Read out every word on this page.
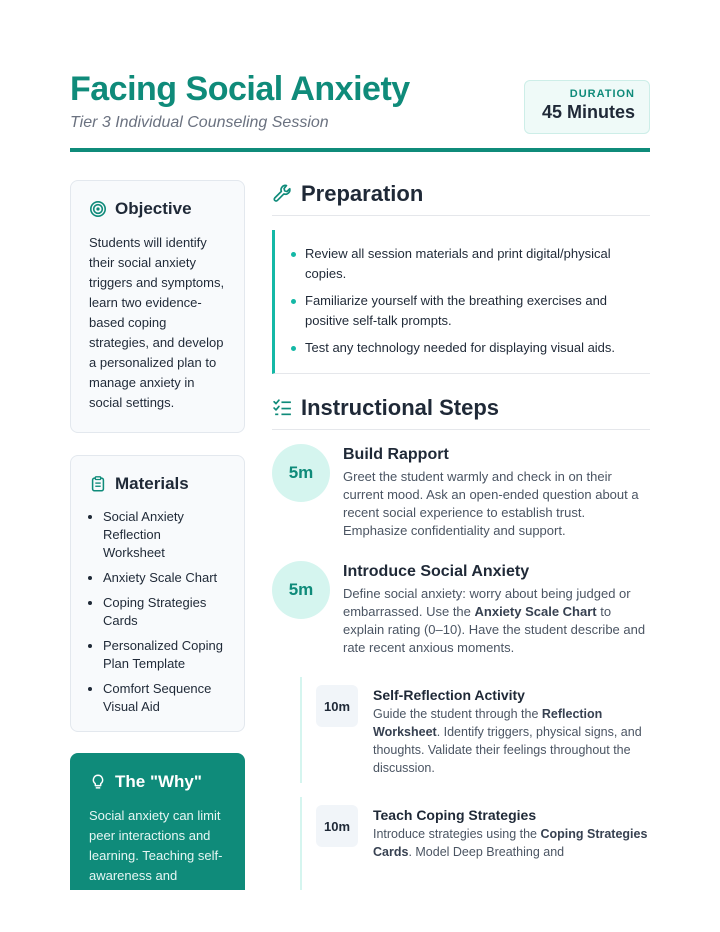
Facing Social Anxiety
Tier 3 Individual Counseling Session
DURATION
45 Minutes
Objective

Students will identify their social anxiety triggers and symptoms, learn two evidence-based coping strategies, and develop a personalized plan to manage anxiety in social settings.

Materials
• Social Anxiety Reflection Worksheet
• Anxiety Scale Chart
• Coping Strategies Cards
• Personalized Coping Plan Template
• Comfort Sequence Visual Aid
The "Why"

Social anxiety can limit peer interactions and learning. Teaching self-awareness and

Preparation
Review all session materials and print digital/physical copies.
Familiarize yourself with the breathing exercises and positive self-talk prompts.
Test any technology needed for displaying visual aids.
Instructional Steps
5m
Build Rapport
Greet the student warmly and check in on their current mood. Ask an open-ended question about a recent social experience to establish trust. Emphasize confidentiality and support.
5m
Introduce Social Anxiety
Define social anxiety: worry about being judged or embarrassed. Use the Anxiety Scale Chart to explain rating (0–10). Have the student describe and rate recent anxious moments.
10m
Self-Reflection Activity
Guide the student through the Reflection Worksheet. Identify triggers, physical signs, and thoughts. Validate their feelings throughout the discussion.
10m
Teach Coping Strategies
Introduce strategies using the Coping Strategies Cards. Model Deep Breathing and
